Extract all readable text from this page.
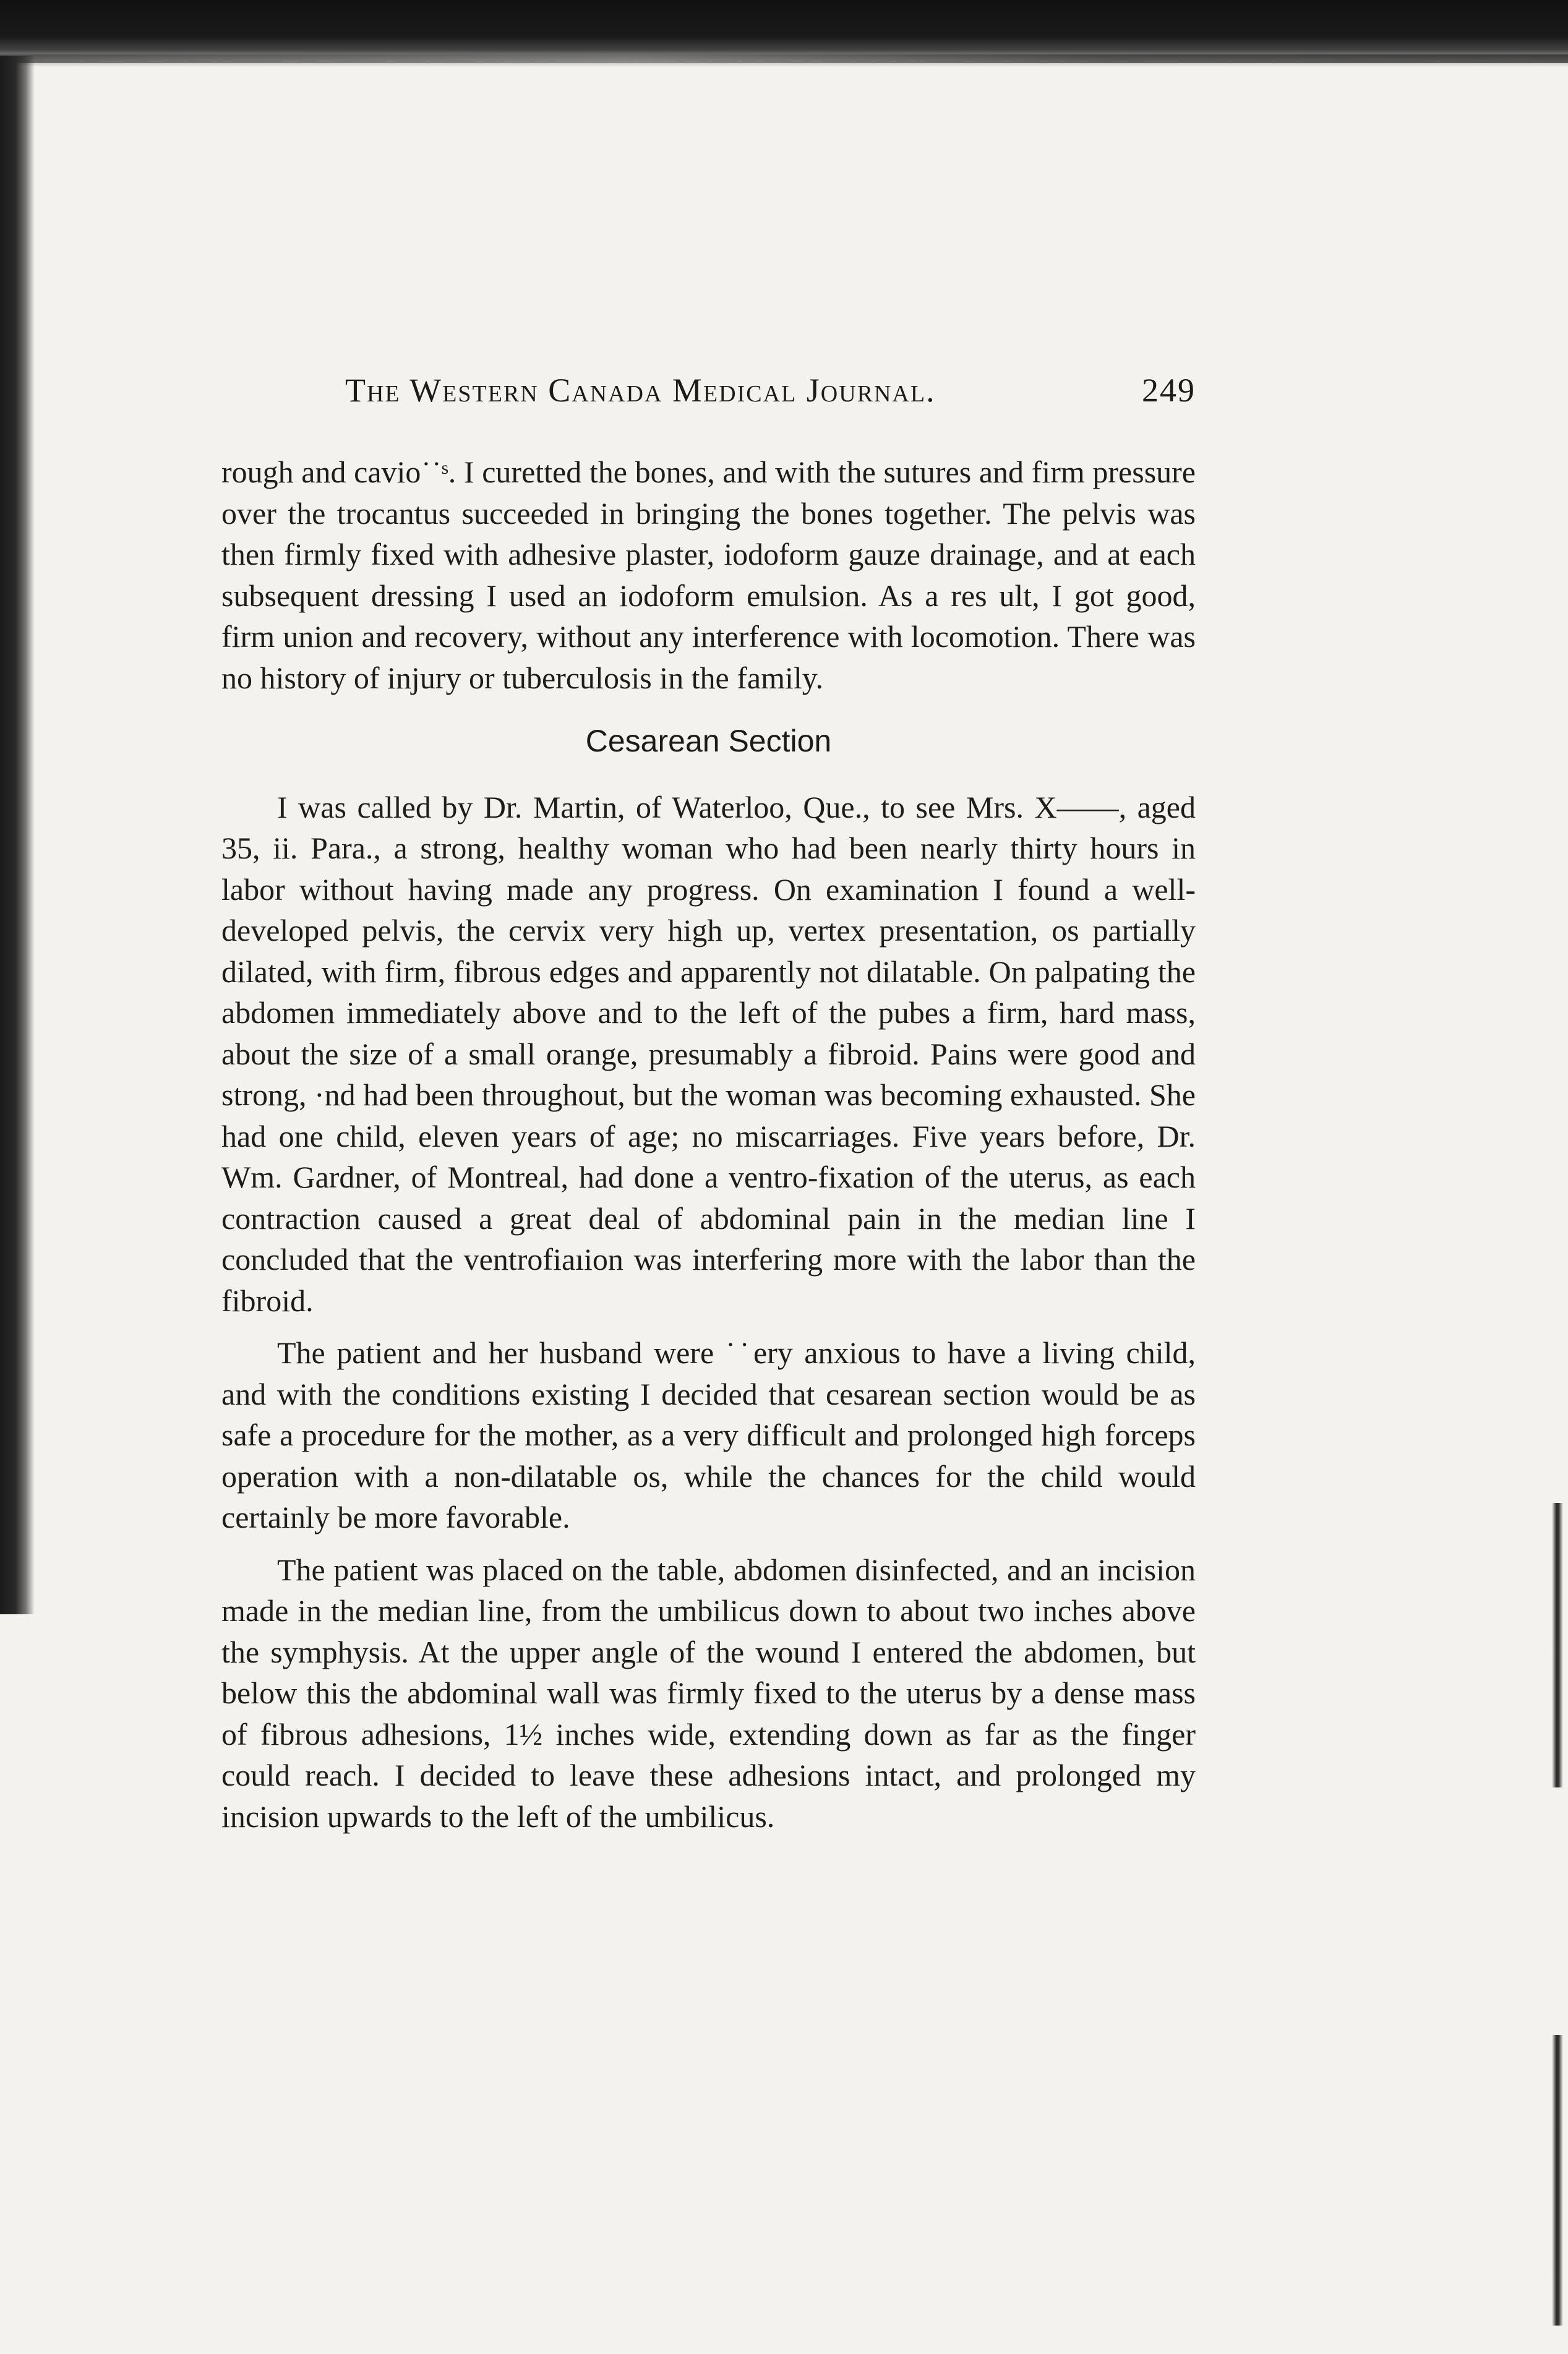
The Western Canada Medical Journal.	249

rough and cavio˙˙ˢ. I curetted the bones, and with the sutures and firm pressure over the trocantus succeeded in bringing the bones together. The pelvis was then firmly fixed with adhesive plaster, iodoform gauze drainage, and at each subsequent dressing I used an iodoform emulsion. As a res ult, I got good, firm union and recovery, without any interference with locomotion. There was no history of injury or tuberculosis in the family.

Cesarean Section

I was called by Dr. Martin, of Waterloo, Que., to see Mrs. X——, aged 35, ii. Para., a strong, healthy woman who had been nearly thirty hours in labor without having made any progress. On examination I found a well-developed pelvis, the cervix very high up, vertex presentation, os partially dilated, with firm, fibrous edges and apparently not dilatable. On palpating the abdomen immediately above and to the left of the pubes a firm, hard mass, about the size of a small orange, presumably a fibroid. Pains were good and strong, ·nd had been throughout, but the woman was becoming exhausted. She had one child, eleven years of age; no miscarriages. Five years before, Dr. Wm. Gardner, of Montreal, had done a ventro-fixation of the uterus, as each contraction caused a great deal of abdominal pain in the median line I concluded that the ventrofiaıion was interfering more with the labor than the fibroid.

The patient and her husband were ˙˙ery anxious to have a living child, and with the conditions existing I decided that cesarean section would be as safe a procedure for the mother, as a very difficult and prolonged high forceps operation with a non-dilatable os, while the chances for the child would certainly be more favorable.

The patient was placed on the table, abdomen disinfected, and an incision made in the median line, from the umbilicus down to about two inches above the symphysis. At the upper angle of the wound I entered the abdomen, but below this the abdominal wall was firmly fixed to the uterus by a dense mass of fibrous adhesions, 1½ inches wide, extending down as far as the finger could reach. I decided to leave these adhesions intact, and prolonged my incision upwards to the left of the umbilicus.
